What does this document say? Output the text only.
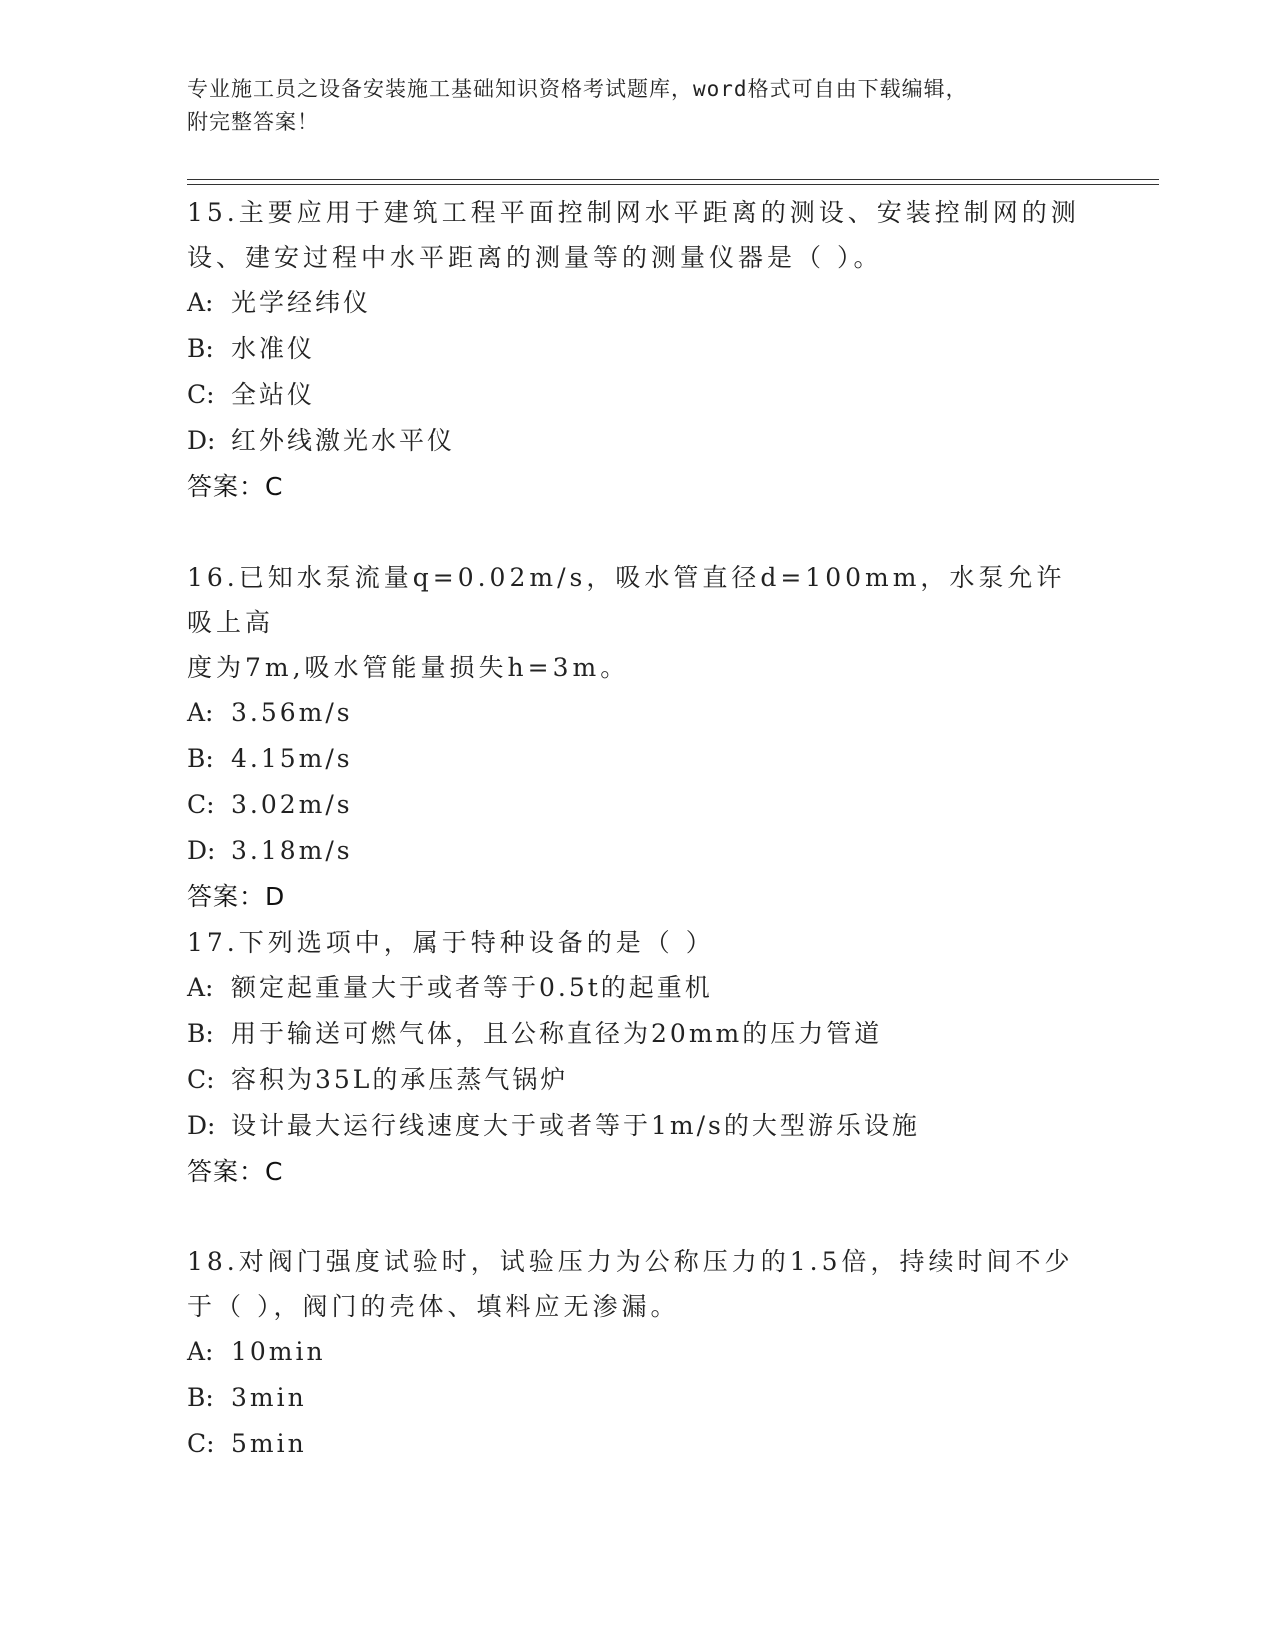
专业施工员之设备安装施工基础知识资格考试题库，word格式可自由下载编辑，
附完整答案！

15.主要应用于建筑工程平面控制网水平距离的测设、安装控制网的测

设、建安过程中水平距离的测量等的测量仪器是（ ）。

A: 光学经纬仪

B: 水准仪

C: 全站仪

D: 红外线激光水平仪

答案：C

16.已知水泵流量q=0.02m/s，吸水管直径d=100mm，水泵允许吸上高

度为7m,吸水管能量损失h=3m。

A: 3.56m/s

B: 4.15m/s

C: 3.02m/s

D: 3.18m/s

答案：D

17.下列选项中，属于特种设备的是（ ）

A: 额定起重量大于或者等于0.5t的起重机

B: 用于输送可燃气体，且公称直径为20mm的压力管道

C: 容积为35L的承压蒸气锅炉

D: 设计最大运行线速度大于或者等于1m/s的大型游乐设施

答案：C

18.对阀门强度试验时，试验压力为公称压力的1.5倍，持续时间不少

于（ ），阀门的壳体、填料应无渗漏。

A: 10min

B: 3min

C: 5min
